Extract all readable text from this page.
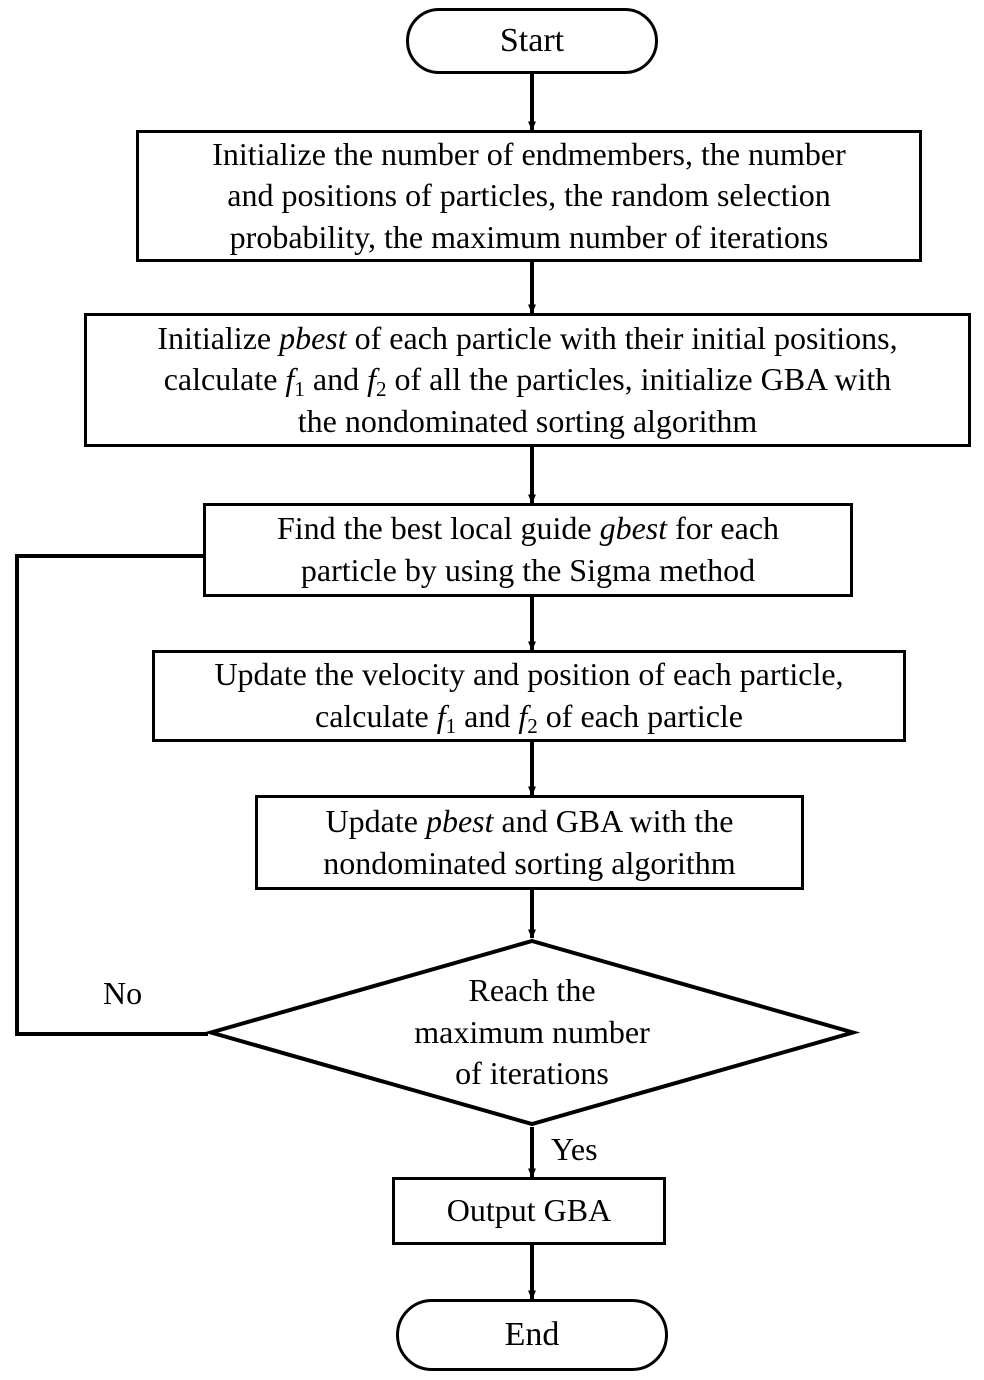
Start
Initialize the number of endmembers, the number
and positions of particles, the random selection
probability, the maximum number of iterations
Initialize pbest of each particle with their initial positions,
calculate $f_1$ and $f_2$ of all the particles, initialize GBA with
the nondominated sorting algorithm
Find the best local guide gbest for each
particle by using the Sigma method
Update the velocity and position of each particle,
calculate $f_1$ and $f_2$ of each particle
Update pbest and GBA with the
nondominated sorting algorithm
Reach the
maximum number
of iterations
No
Yes
Output GBA
End
